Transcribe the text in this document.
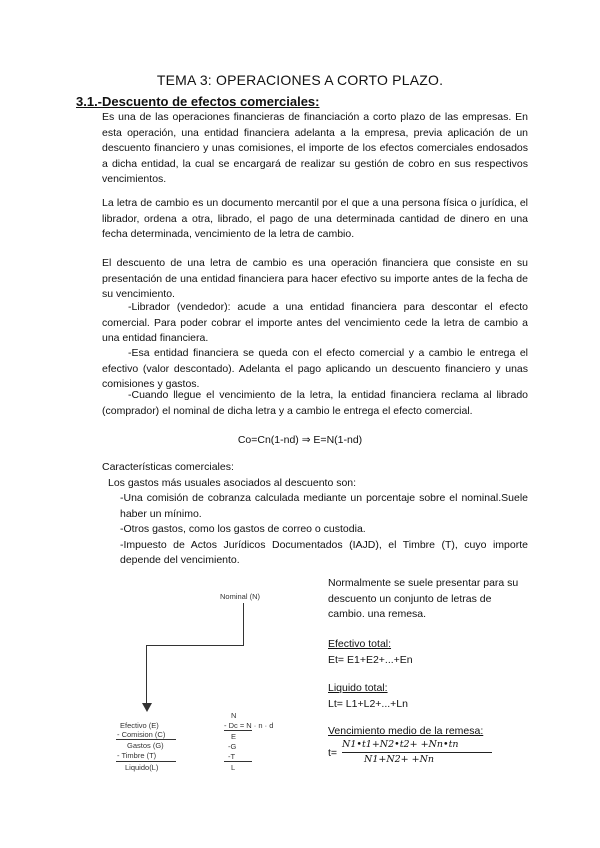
TEMA 3: OPERACIONES A CORTO PLAZO.
3.1.-Descuento de efectos comerciales:
Es una de las operaciones financieras de financiación a corto plazo de las empresas. En esta operación, una entidad financiera adelanta a la empresa, previa aplicación de un descuento financiero y unas comisiones, el importe de los efectos comerciales endosados a dicha entidad, la cual se encargará de realizar su gestión de cobro en sus respectivos vencimientos.
La letra de cambio es un documento mercantil por el que a una persona física o jurídica, el librador, ordena a otra, librado, el pago de una determinada cantidad de dinero en una fecha determinada, vencimiento de la letra de cambio.
El descuento de una letra de cambio es una operación financiera que consiste en su presentación de una entidad financiera para hacer efectivo su importe antes de la fecha de su vencimiento.
-Librador (vendedor): acude a una entidad financiera para descontar el efecto comercial. Para poder cobrar el importe antes del vencimiento cede la letra de cambio a una entidad financiera.
-Esa entidad financiera se queda con el efecto comercial y a cambio le entrega el efectivo (valor descontado). Adelanta el pago aplicando un descuento financiero y unas comisiones y gastos.
-Cuando llegue el vencimiento de la letra, la entidad financiera reclama al librado (comprador) el nominal de dicha letra y a cambio le entrega el efecto comercial.
Co=Cn(1-nd) ⇒ E=N(1-nd)
Características comerciales:
Los gastos más usuales asociados al descuento son:

-Una comisión de cobranza calculada mediante un porcentaje sobre el nominal.Suele haber un mínimo.

-Otros gastos, como los gastos de correo o custodia.

-Impuesto de Actos Jurídicos Documentados (IAJD), el Timbre (T), cuyo importe depende del vencimiento.

Nominal (N)
Efectivo (E)
- Comision (C)
Gastos (G)
- Timbre (T)
Liquido(L)
N
- Dc = N · n · d
E
-G
-T
L
Normalmente se suele presentar para su descuento un conjunto de letras de cambio. una remesa.

Efectivo total:

Et= E1+E2+...+En

Liquido total:

Lt= L1+L2+...+Ln

Vencimiento medio de la remesa:

t=
N1•t1+N2•t2+ +Nn•tn
N1+N2+ +Nn
